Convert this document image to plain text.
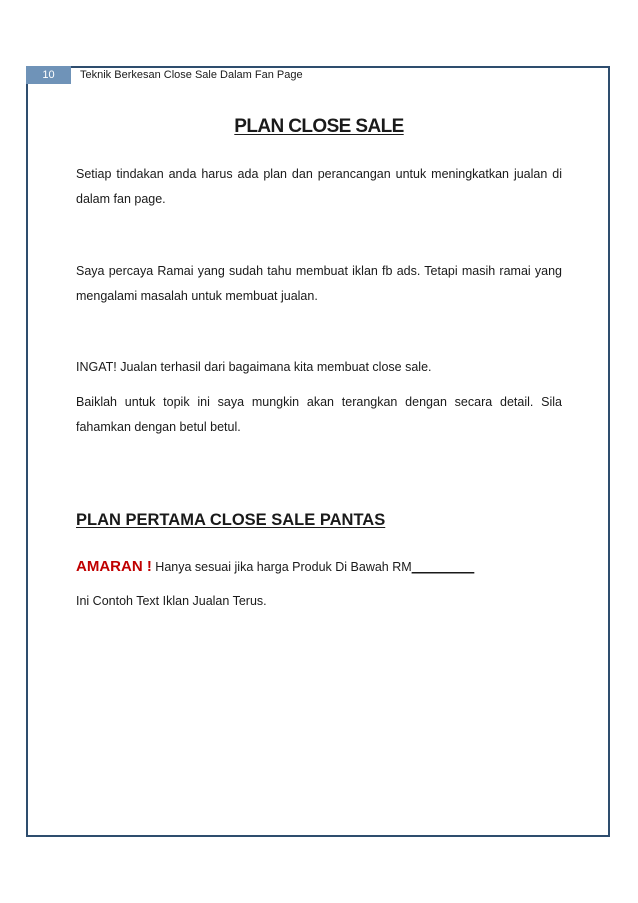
10	Teknik Berkesan Close Sale Dalam Fan Page
PLAN CLOSE SALE
Setiap tindakan anda harus ada plan dan perancangan untuk meningkatkan jualan di dalam fan page.
Saya percaya Ramai yang sudah tahu membuat iklan fb ads. Tetapi masih ramai yang mengalami masalah untuk membuat jualan.
INGAT! Jualan terhasil dari bagaimana kita membuat close sale.
Baiklah untuk topik ini saya mungkin akan terangkan dengan secara detail. Sila fahamkan dengan betul betul.
PLAN PERTAMA CLOSE SALE PANTAS
AMARAN ! Hanya sesuai jika harga Produk Di Bawah RM_________
Ini Contoh Text Iklan Jualan Terus.
